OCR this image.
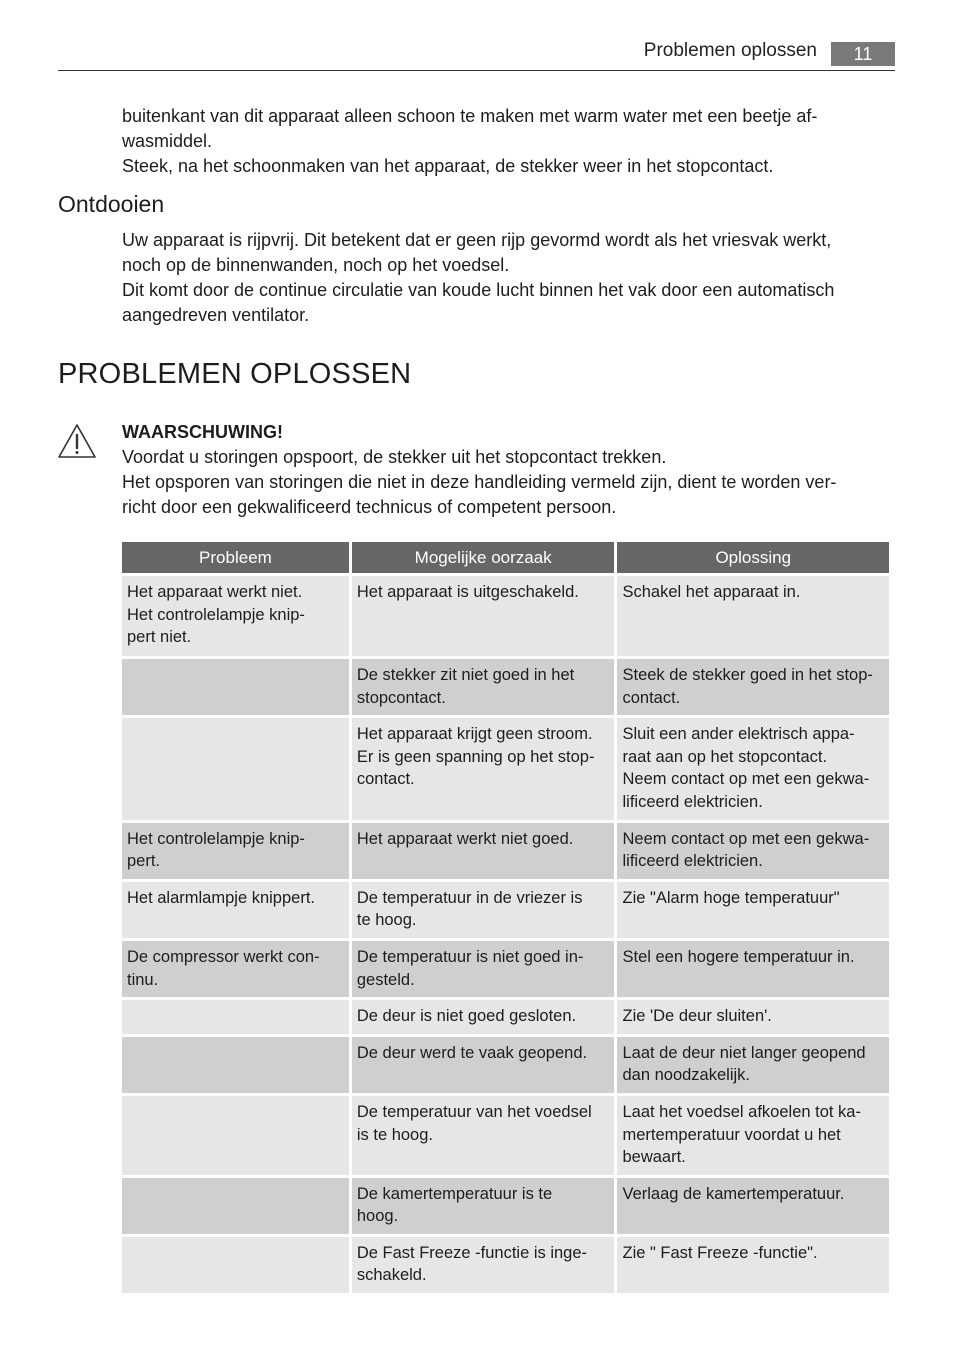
Problemen oplossen	11

buitenkant van dit apparaat alleen schoon te maken met warm water met een beetje af-
wasmiddel.

Steek, na het schoonmaken van het apparaat, de stekker weer in het stopcontact.

Ontdooien

Uw apparaat is rijpvrij. Dit betekent dat er geen rijp gevormd wordt als het vriesvak werkt,
noch op de binnenwanden, noch op het voedsel.

Dit komt door de continue circulatie van koude lucht binnen het vak door een automatisch
aangedreven ventilator.

PROBLEMEN OPLOSSEN

WAARSCHUWING!

Voordat u storingen opspoort, de stekker uit het stopcontact trekken.

Het opsporen van storingen die niet in deze handleiding vermeld zijn, dient te worden ver-
richt door een gekwalificeerd technicus of competent persoon.

Probleem	Mogelijke oorzaak	Oplossing
Het apparaat werkt niet.
Het controlelampje knip-
pert niet.	Het apparaat is uitgeschakeld.	Schakel het apparaat in.
	De stekker zit niet goed in het
stopcontact.	Steek de stekker goed in het stop-
contact.
	Het apparaat krijgt geen stroom.
Er is geen spanning op het stop-
contact.	Sluit een ander elektrisch appa-
raat aan op het stopcontact.
Neem contact op met een gekwa-
lificeerd elektricien.
Het controlelampje knip-
pert.	Het apparaat werkt niet goed.	Neem contact op met een gekwa-
lificeerd elektricien.
Het alarmlampje knippert.	De temperatuur in de vriezer is
te hoog.	Zie "Alarm hoge temperatuur"
De compressor werkt con-
tinu.	De temperatuur is niet goed in-
gesteld.	Stel een hogere temperatuur in.
	De deur is niet goed gesloten.	Zie 'De deur sluiten'.
	De deur werd te vaak geopend.	Laat de deur niet langer geopend
dan noodzakelijk.
	De temperatuur van het voedsel
is te hoog.	Laat het voedsel afkoelen tot ka-
mertemperatuur voordat u het
bewaart.
	De kamertemperatuur is te
hoog.	Verlaag de kamertemperatuur.
	De Fast Freeze -functie is inge-
schakeld.	Zie " Fast Freeze -functie".
